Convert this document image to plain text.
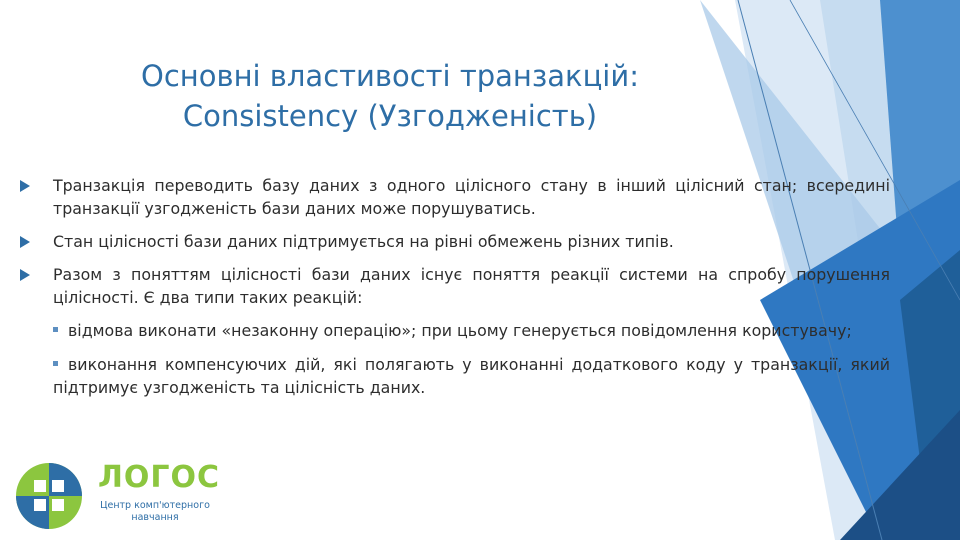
Основні властивості транзакцій:
Consistency (Узгодженість)
Транзакція переводить базу даних з одного цілісного стану в інший цілісний стан; всередині транзакції узгодженість бази даних може порушуватись.
Стан цілісності бази даних підтримується на рівні обмежень різних типів.
Разом з поняттям цілісності бази даних існує поняття реакції системи на спробу порушення цілісності. Є два типи таких реакцій:
відмова виконати «незаконну операцію»; при цьому генерується повідомлення користувачу;
виконання компенсуючих дій, які полягають у виконанні додаткового коду у транзакції, який підтримує узгодженість та цілісність даних.
ЛОГОС
Центр комп'ютерного навчання
